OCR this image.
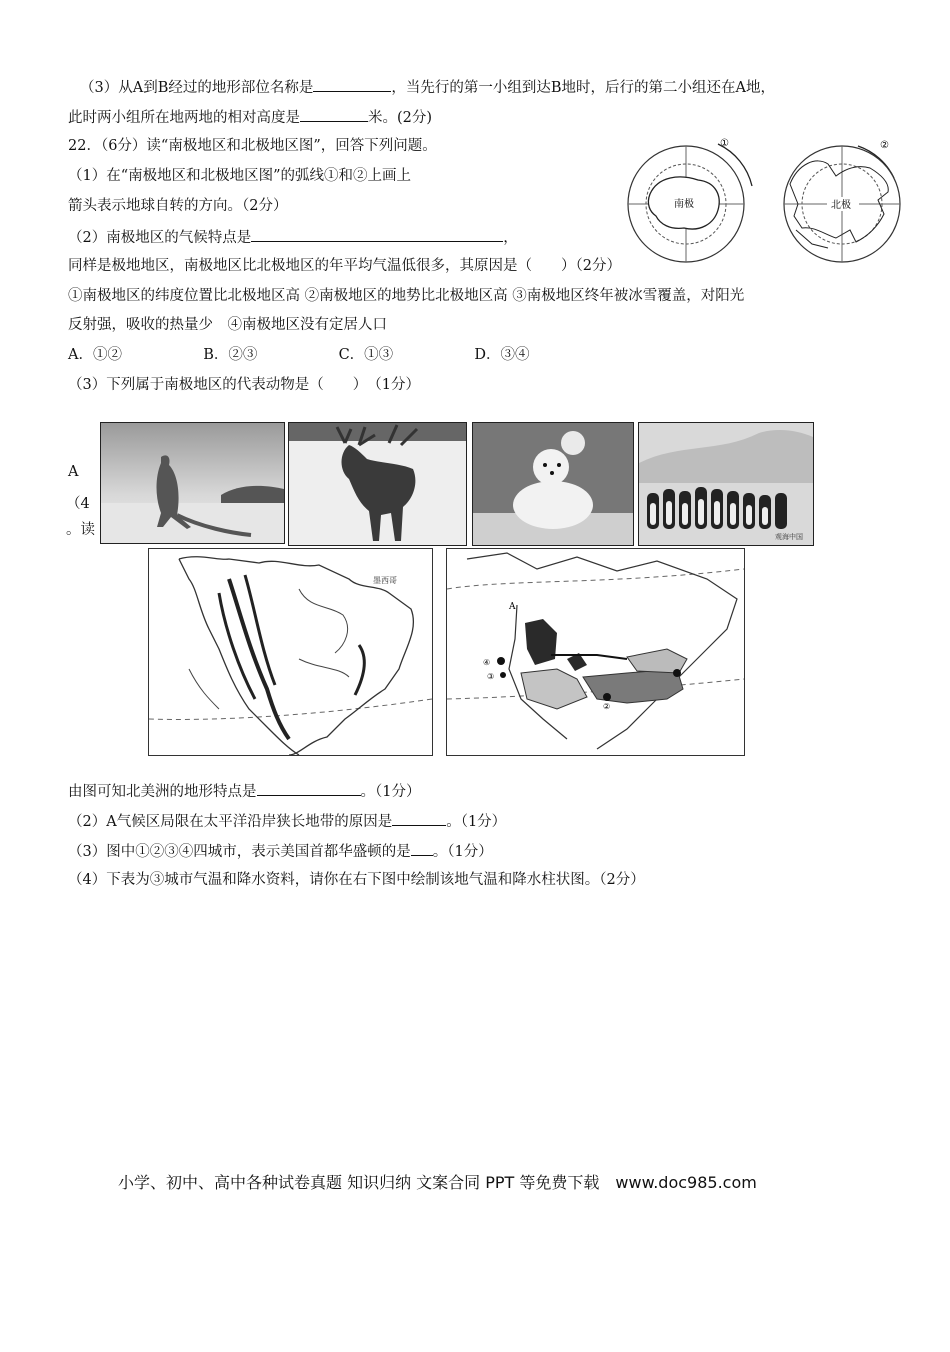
（3）从A到B经过的地形部位名称是	，当先行的第一小组到达B地时，后行的第二小组还在A地，
此时两小组所在地两地的相对高度是	米。(2分)
22．（6分）读“南极地区和北极地区图”，回答下列问题。
（1）在“南极地区和北极地区图”的弧线①和②上画上
箭头表示地球自转的方向。（2分）
（2）南极地区的气候特点是	，
同样是极地地区，南极地区比北极地区的年平均气温低很多，其原因是（　　）（2分）
①南极地区的纬度位置比北极地区高 ②南极地区的地势比北极地区高 ③南极地区终年被冰雪覆盖，对阳光
反射强，吸收的热量少　④南极地区没有定居人口
A．①②	B．②③	C．①③	D．③④
（3）下列属于南极地区的代表动物是（　　）　（1分）
①
南极
②
北极
A
（4
。读	观海中国
墨西哥
A
④
③
②
由图可知北美洲的地形特点是	。（1分）
（2）A气候区局限在太平洋沿岸狭长地带的原因是	。（1分）
（3）图中①②③④四城市，表示美国首都华盛顿的是 。（1分）
（4）下表为③城市气温和降水资料，请你在右下图中绘制该地气温和降水柱状图。（2分）
小学、初中、高中各种试卷真题 知识归纳 文案合同 PPT 等免费下载　www.doc985.com
